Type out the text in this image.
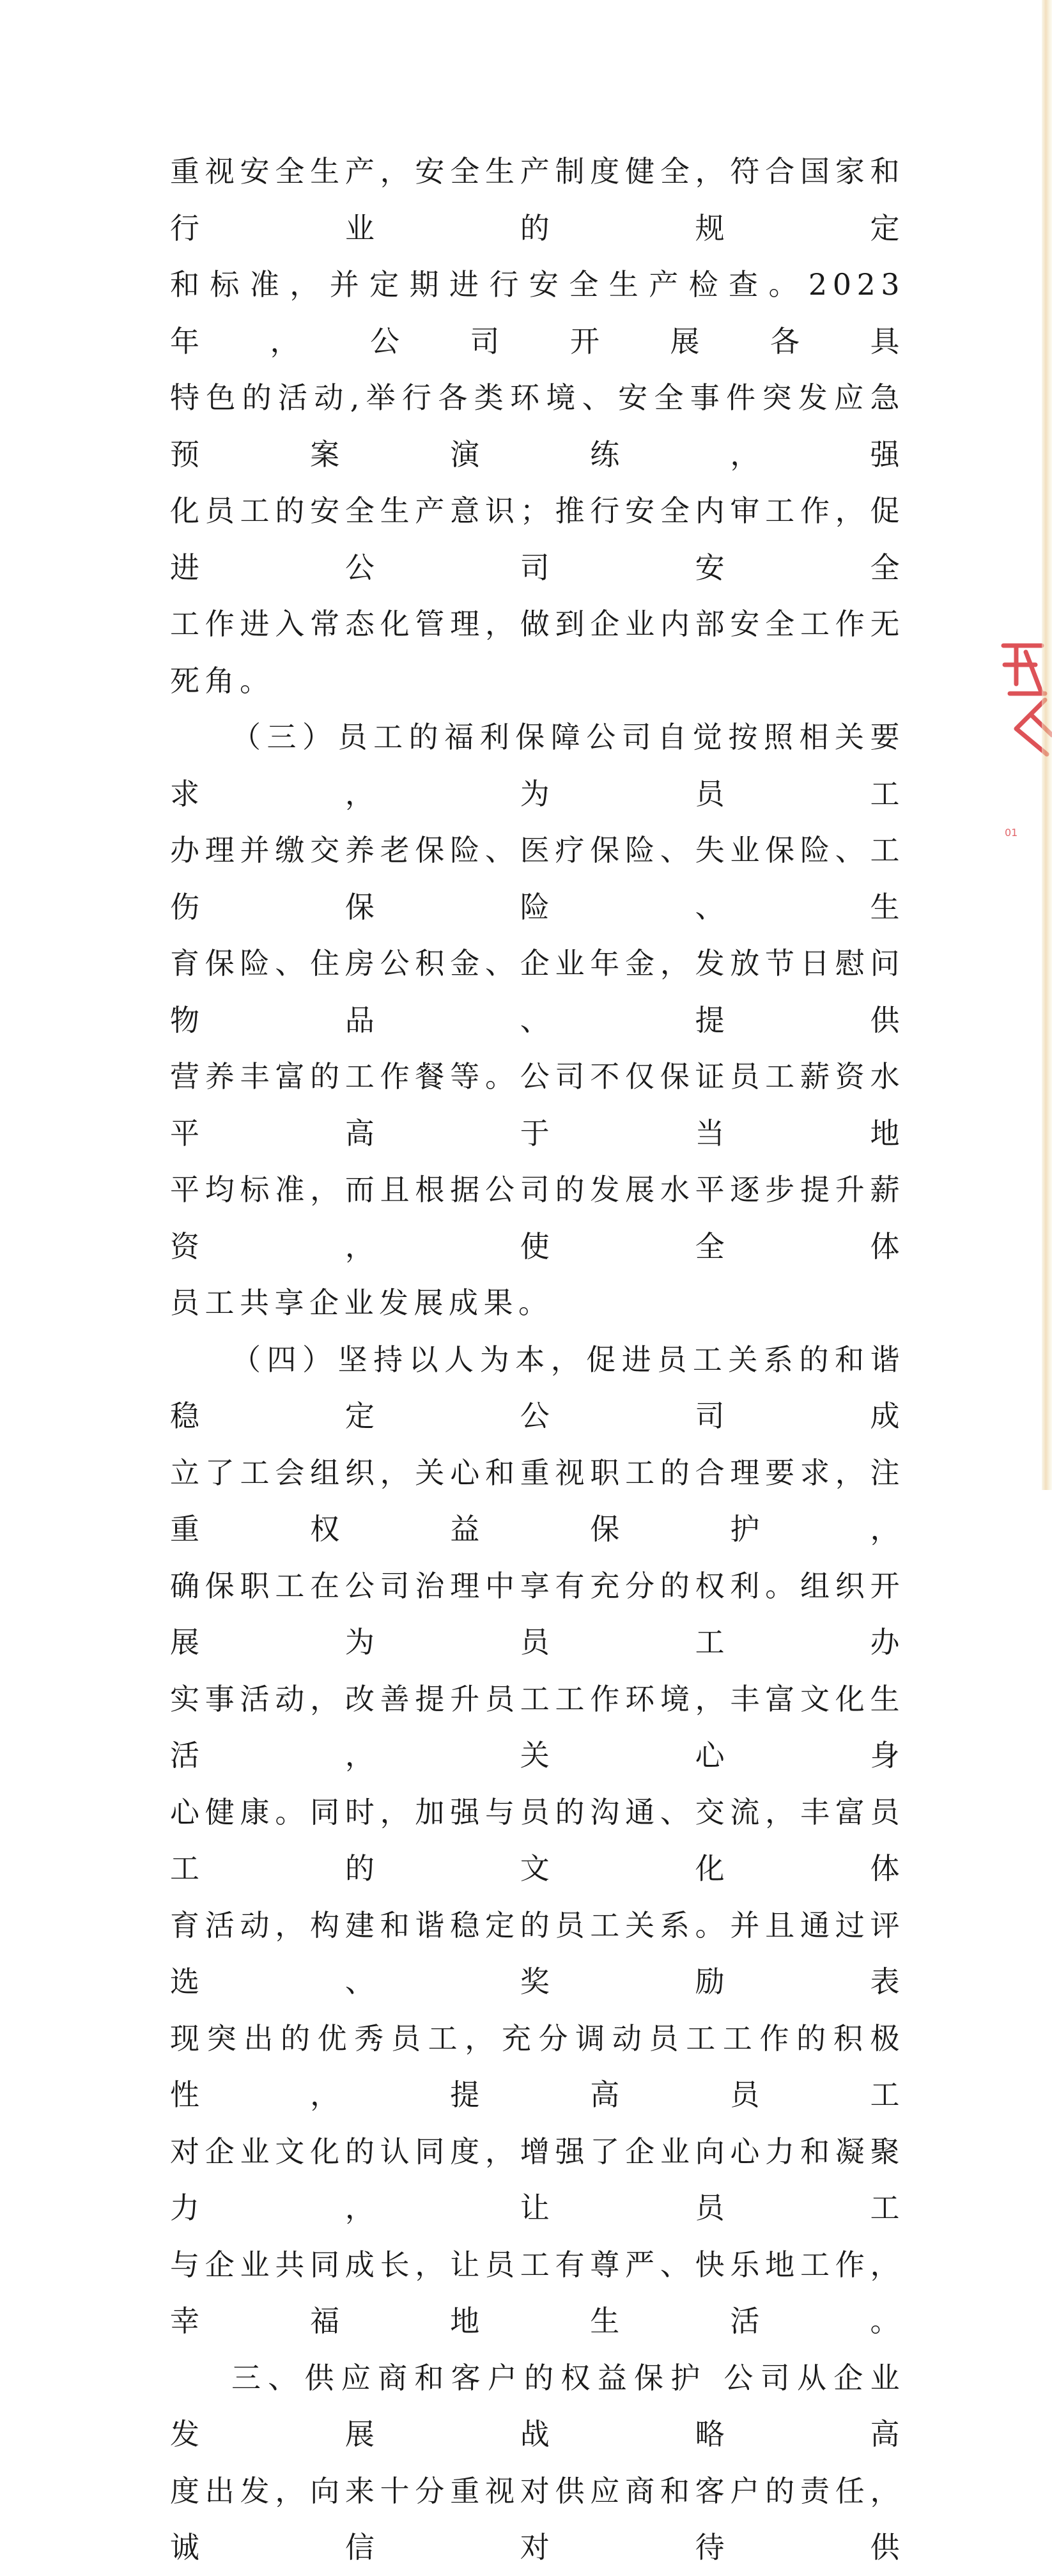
重视安全生产，安全生产制度健全，符合国家和行业的规定

和标准，并定期进行安全生产检查。2023 年，公司开展各具

特色的活动,举行各类环境、安全事件突发应急预案演练，强

化员工的安全生产意识；推行安全内审工作，促进公司安全

工作进入常态化管理，做到企业内部安全工作无死角。

（三）员工的福利保障公司自觉按照相关要求，为员工

办理并缴交养老保险、医疗保险、失业保险、工伤保险、生

育保险、住房公积金、企业年金，发放节日慰问物品、提供

营养丰富的工作餐等。公司不仅保证员工薪资水平高于当地

平均标准，而且根据公司的发展水平逐步提升薪资，使全体

员工共享企业发展成果。

（四）坚持以人为本，促进员工关系的和谐稳定公司成

立了工会组织，关心和重视职工的合理要求，注重权益保护，

确保职工在公司治理中享有充分的权利。组织开展为员工办

实事活动，改善提升员工工作环境，丰富文化生活，关心身

心健康。同时，加强与员的沟通、交流，丰富员工的文化体

育活动，构建和谐稳定的员工关系。并且通过评选、奖励表

现突出的优秀员工，充分调动员工工作的积极性，提高员工

对企业文化的认同度，增强了企业向心力和凝聚力，让员工

与企业共同成长，让员工有尊严、快乐地工作，幸福地生活。

三、供应商和客户的权益保护 公司从企业发展战略高

度出发，向来十分重视对供应商和客户的责任，诚信对待供

01
